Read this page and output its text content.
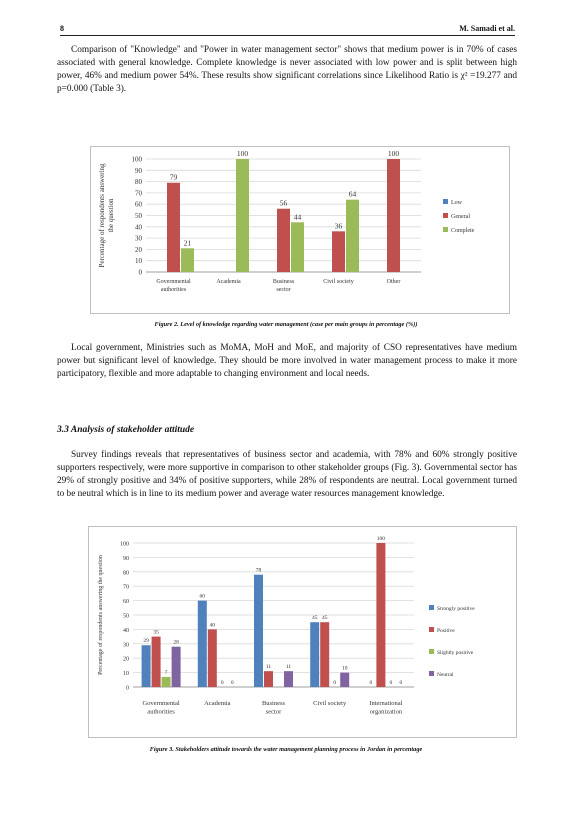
8	M. Samadi et al.
Comparison of "Knowledge" and "Power in water management sector" shows that medium power is in 70% of cases associated with general knowledge. Complete knowledge is never associated with low power and is split between high power, 46% and medium power 54%. These results show significant correlations since Likelihood Ratio is χ² =19.277 and p=0.000 (Table 3).
0
10
20
30
40
50
60
70
80
90
100
Percentage of respondents answering the question
Governmental
authorities
Academia	Business
sector
Civil society	Other
79
21
100
56
44
36
64
100
Low
General
Complete
Figure 2. Level of knowledge regarding water management (case per main groups in percentage (%))
Local government, Ministries such as MoMA, MoH and MoE, and majority of CSO representatives have medium power but significant level of knowledge. They should be more involved in water management process to make it more participatory, flexible and more adaptable to changing environment and local needs.
3.3 Analysis of stakeholder attitude
Survey findings reveals that representatives of business sector and academia, with 78% and 60% strongly positive supporters respectively, were more supportive in comparison to other stakeholder groups (Fig. 3). Governmental sector has 29% of strongly positive and 34% of positive supporters, while 28% of respondents are neutral. Local government turned to be neutral which is in line to its medium power and average water resources management knowledge.
0
10
20
30
40
50
60
70
80
90
100
Percentage of respondents answering the question
Governmental
authorities
Academia	Business
sector
Civil society	International
organization
29
35
7
28
60
40
0 0
78
11	11
45 45
0
10
0
100
0 0
Strongly positive
Positive
Slightly positive
Neutral
Figure 3. Stakeholders attitude towards the water management planning process in Jordan in percentage
